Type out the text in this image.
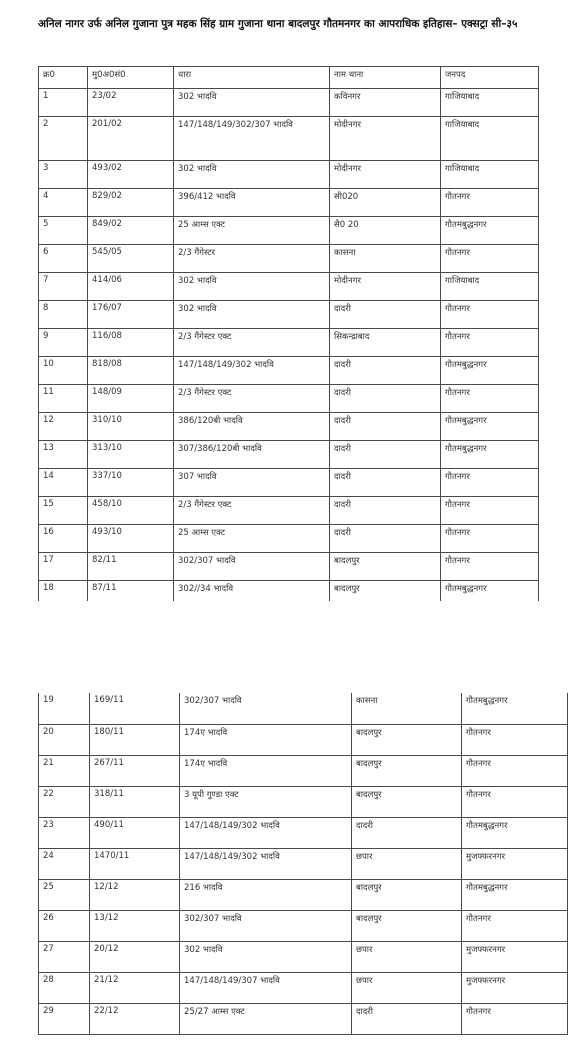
अनिल नागर उर्फ अनिल गुजाना पुत्र महक सिंह ग्राम गुजाना थाना बादलपुर गौतमनगर का आपराधिक इतिहास– एक्सट्रा सी–३५
क्र0	मु0अ0सं0	धारा	नाम थाना	जनपद
1	23/02	302 भादवि	कविनगर	गाजियाबाद
2	201/02	147/148/149/302/307 भादवि	मोदीनगर	गाजियाबाद
3	493/02	302 भादवि	मोदीनगर	गाजियाबाद
4	829/02	396/412 भादवि	सी020	गौतनगर
5	849/02	25 आम्स एक्ट	सै0 20	गौतमबुद्धनगर
6	545/05	2/3 गैंगेस्टर	कासना	गौतनगर
7	414/06	302 भादवि	मोदीनगर	गाजियाबाद
8	176/07	302 भादवि	दादरी	गौतनगर
9	116/08	2/3 गैंगेस्टर एक्ट	सिकन्द्राबाद	गौतनगर
10	818/08	147/148/149/302 भादवि	दादरी	गौतमबुद्धनगर
11	148/09	2/3 गैंगेस्टर एक्ट	दादरी	गौतनगर
12	310/10	386/120बी भादवि	दादरी	गौतमबुद्धनगर
13	313/10	307/386/120बी भादवि	दादरी	गौतमबुद्धनगर
14	337/10	307 भादवि	दादरी	गौतनगर
15	458/10	2/3 गैंगेस्टर एक्ट	दादरी	गौतनगर
16	493/10	25 आम्स एक्ट	दादरी	गौतनगर
17	82/11	302/307 भादवि	बादलपुर	गौतनगर
18	87/11	302//34 भादवि	बादलपुर	गौतमबुद्धनगर
19	169/11	302/307 भादवि	कासना	गौतमबुद्धनगर
20	180/11	174ए भादवि	बादलपुर	गौतनगर
21	267/11	174ए भादवि	बादलपुर	गौतनगर
22	318/11	3 यूपी गुण्डा एक्ट	बादलपुर	गौतनगर
23	490/11	147/148/149/302 भादवि	दादरी	गौतमबुद्धनगर
24	1470/11	147/148/149/302 भादवि	छपार	मुजफ्फरनगर
25	12/12	216 भादवि	बादलपुर	गौतमबुद्धनगर
26	13/12	302/307 भादवि	बादलपुर	गौतनगर
27	20/12	302 भादवि	छपार	मुजफ्फरनगर
28	21/12	147/148/149/307 भादवि	छपार	मुजफ्फरनगर
29	22/12	25/27 आम्स एक्ट	दादरी	गौतनगर
